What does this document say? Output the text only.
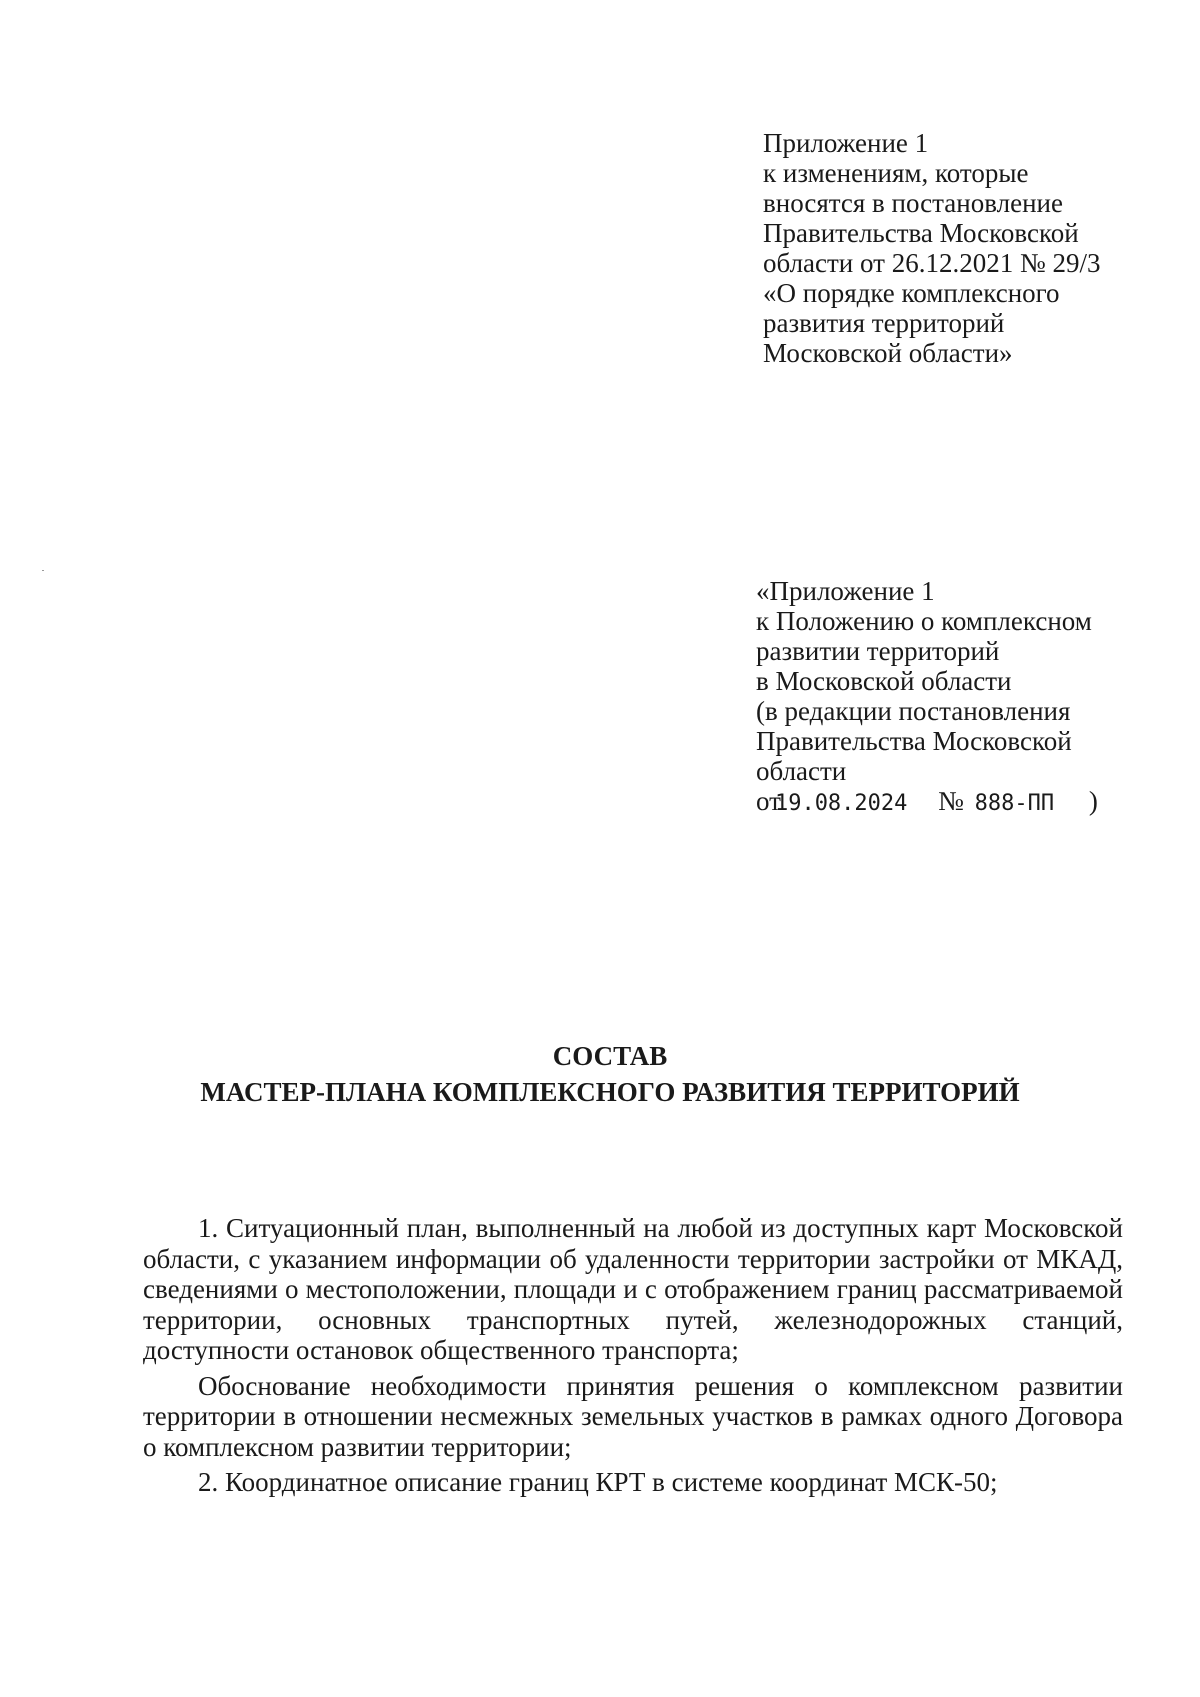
Приложение 1
к изменениям, которые
вносятся в постановление
Правительства Московской
области от 26.12.2021 № 29/3
«О порядке комплексного
развития территорий
Московской области»
«Приложение 1
к Положению о комплексном
развитии территорий
в Московской области
(в редакции постановления
Правительства Московской
области
от19.08.2024 № 888-ПП )
СОСТАВ
МАСТЕР-ПЛАНА КОМПЛЕКСНОГО РАЗВИТИЯ ТЕРРИТОРИЙ

1. Ситуационный план, выполненный на любой из доступных карт Московской области, с указанием информации об удаленности территории застройки от МКАД, сведениями о местоположении, площади и с отображением границ рассматриваемой территории, основных транспортных путей, железнодорожных станций, доступности остановок общественного транспорта;

Обоснование необходимости принятия решения о комплексном развитии территории в отношении несмежных земельных участков в рамках одного Договора о комплексном развитии территории;

2. Координатное описание границ КРТ в системе координат МСК-50;
